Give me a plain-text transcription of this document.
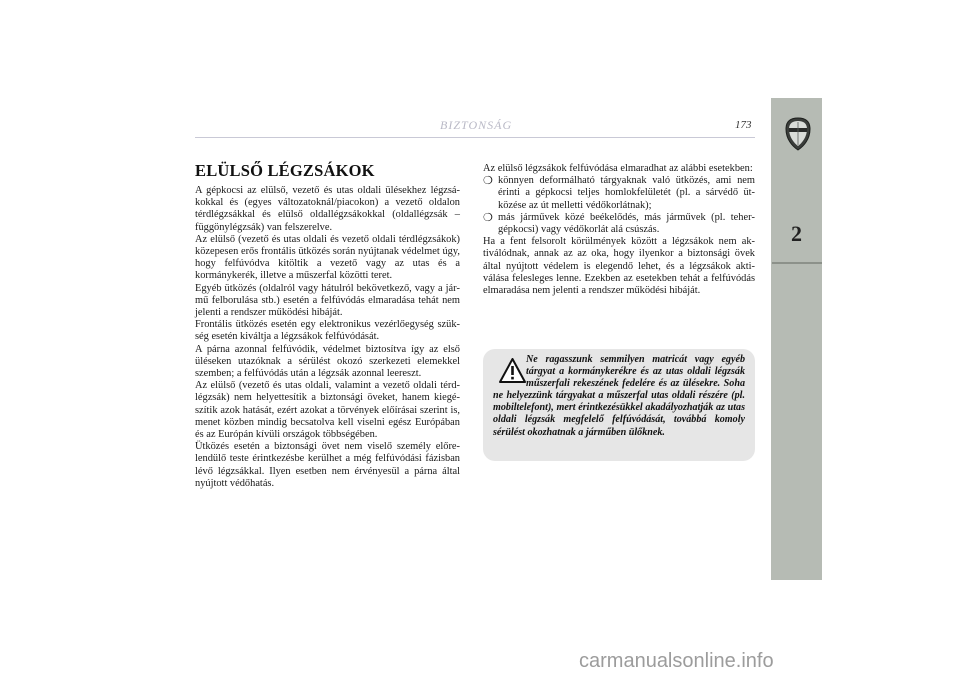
BIZTONSÁG	173
2
ELÜLSŐ LÉGZSÁKOK

A gépkocsi az elülső, vezető és utas oldali ülésekhez légzsákokkal és (egyes változatoknál/piacokon) a vezető oldalon térdlégzsákkal és elülső oldallégzsákokkal (oldallégzsák – függönylégzsák) van felszerelve.

Az elülső (vezető és utas oldali és vezető oldali térdlégzsákok) közepesen erős frontális ütközés során nyújtanak védelmet úgy, hogy felfúvódva kitöltik a vezető vagy az utas és a kormánykerék, illetve a műszerfal közötti teret.

Egyéb ütközés (oldalról vagy hátulról bekövetkező, vagy a jármű felborulása stb.) esetén a felfúvódás elmaradása tehát nem jelenti a rendszer működési hibáját.

Frontális ütközés esetén egy elektronikus vezérlőegység szükség esetén kiváltja a légzsákok felfúvódását.

A párna azonnal felfúvódik, védelmet biztosítva így az első üléseken utazóknak a sérülést okozó szerkezeti elemekkel szemben; a felfúvódás után a légzsák azonnal leereszt.

Az elülső (vezető és utas oldali, valamint a vezető oldali térdlégzsák) nem helyettesítik a biztonsági öveket, hanem kiegészítik azok hatását, ezért azokat a törvények előírásai szerint is, menet közben mindig becsatolva kell viselni egész Európában és az Európán kívüli országok többségében.

Ütközés esetén a biztonsági övet nem viselő személy előrelendülő teste érintkezésbe kerülhet a még felfúvódási fázisban lévő légzsákkal. Ilyen esetben nem érvényesül a párna által nyújtott védőhatás.

Az elülső légzsákok felfúvódása elmaradhat az alábbi esetekben:

❍ könnyen deformálható tárgyaknak való ütközés, ami nem érinti a gépkocsi teljes homlokfelületét (pl. a sárvédő ütközése az út melletti védőkorlátnak);
❍ más járművek közé beékelődés, más járművek (pl. tehergépkocsi) vagy védőkorlát alá csúszás.

Ha a fent felsorolt körülmények között a légzsákok nem aktiválódnak, annak az az oka, hogy ilyenkor a biztonsági övek által nyújtott védelem is elegendő lehet, és a légzsákok aktiválása felesleges lenne. Ezekben az esetekben tehát a felfúvódás elmaradása nem jelenti a rendszer működési hibáját.

Ne ragasszunk semmilyen matricát vagy egyéb tárgyat a kormánykerékre és az utas oldali légzsák műszerfali rekeszének fedelére és az ülésekre. Soha ne helyezzünk tárgyakat a műszerfal utas oldali részére (pl. mobiltelefont), mert érintkezésükkel akadályozhatják az utas oldali légzsák megfelelő felfúvódását, továbbá komoly sérülést okozhatnak a járműben ülőknek.
carmanualsonline.info
